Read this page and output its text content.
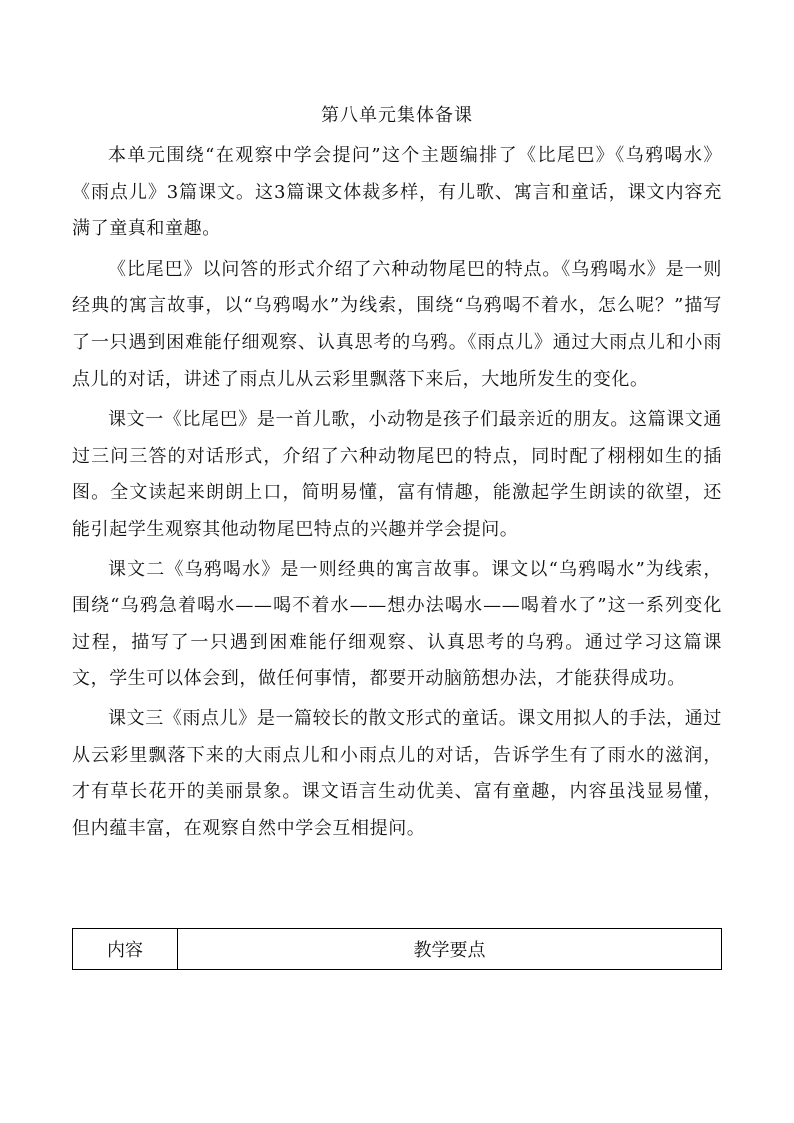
第八单元集体备课

本单元围绕“在观察中学会提问”这个主题编排了《比尾巴》《乌鸦喝水》《雨点儿》3篇课文。这3篇课文体裁多样，有儿歌、寓言和童话，课文内容充满了童真和童趣。

《比尾巴》以问答的形式介绍了六种动物尾巴的特点。《乌鸦喝水》是一则经典的寓言故事，以“乌鸦喝水”为线索，围绕“乌鸦喝不着水，怎么呢？”描写了一只遇到困难能仔细观察、认真思考的乌鸦。《雨点儿》通过大雨点儿和小雨点儿的对话，讲述了雨点儿从云彩里飘落下来后，大地所发生的变化。

课文一《比尾巴》是一首儿歌，小动物是孩子们最亲近的朋友。这篇课文通过三问三答的对话形式，介绍了六种动物尾巴的特点，同时配了栩栩如生的插图。全文读起来朗朗上口，简明易懂，富有情趣，能激起学生朗读的欲望，还能引起学生观察其他动物尾巴特点的兴趣并学会提问。

课文二《乌鸦喝水》是一则经典的寓言故事。课文以“乌鸦喝水”为线索，围绕“乌鸦急着喝水——喝不着水——想办法喝水——喝着水了”这一系列变化过程，描写了一只遇到困难能仔细观察、认真思考的乌鸦。通过学习这篇课文，学生可以体会到，做任何事情，都要开动脑筋想办法，才能获得成功。

课文三《雨点儿》是一篇较长的散文形式的童话。课文用拟人的手法，通过从云彩里飘落下来的大雨点儿和小雨点儿的对话，告诉学生有了雨水的滋润，才有草长花开的美丽景象。课文语言生动优美、富有童趣，内容虽浅显易懂，但内蕴丰富，在观察自然中学会互相提问。

内容	教学要点
